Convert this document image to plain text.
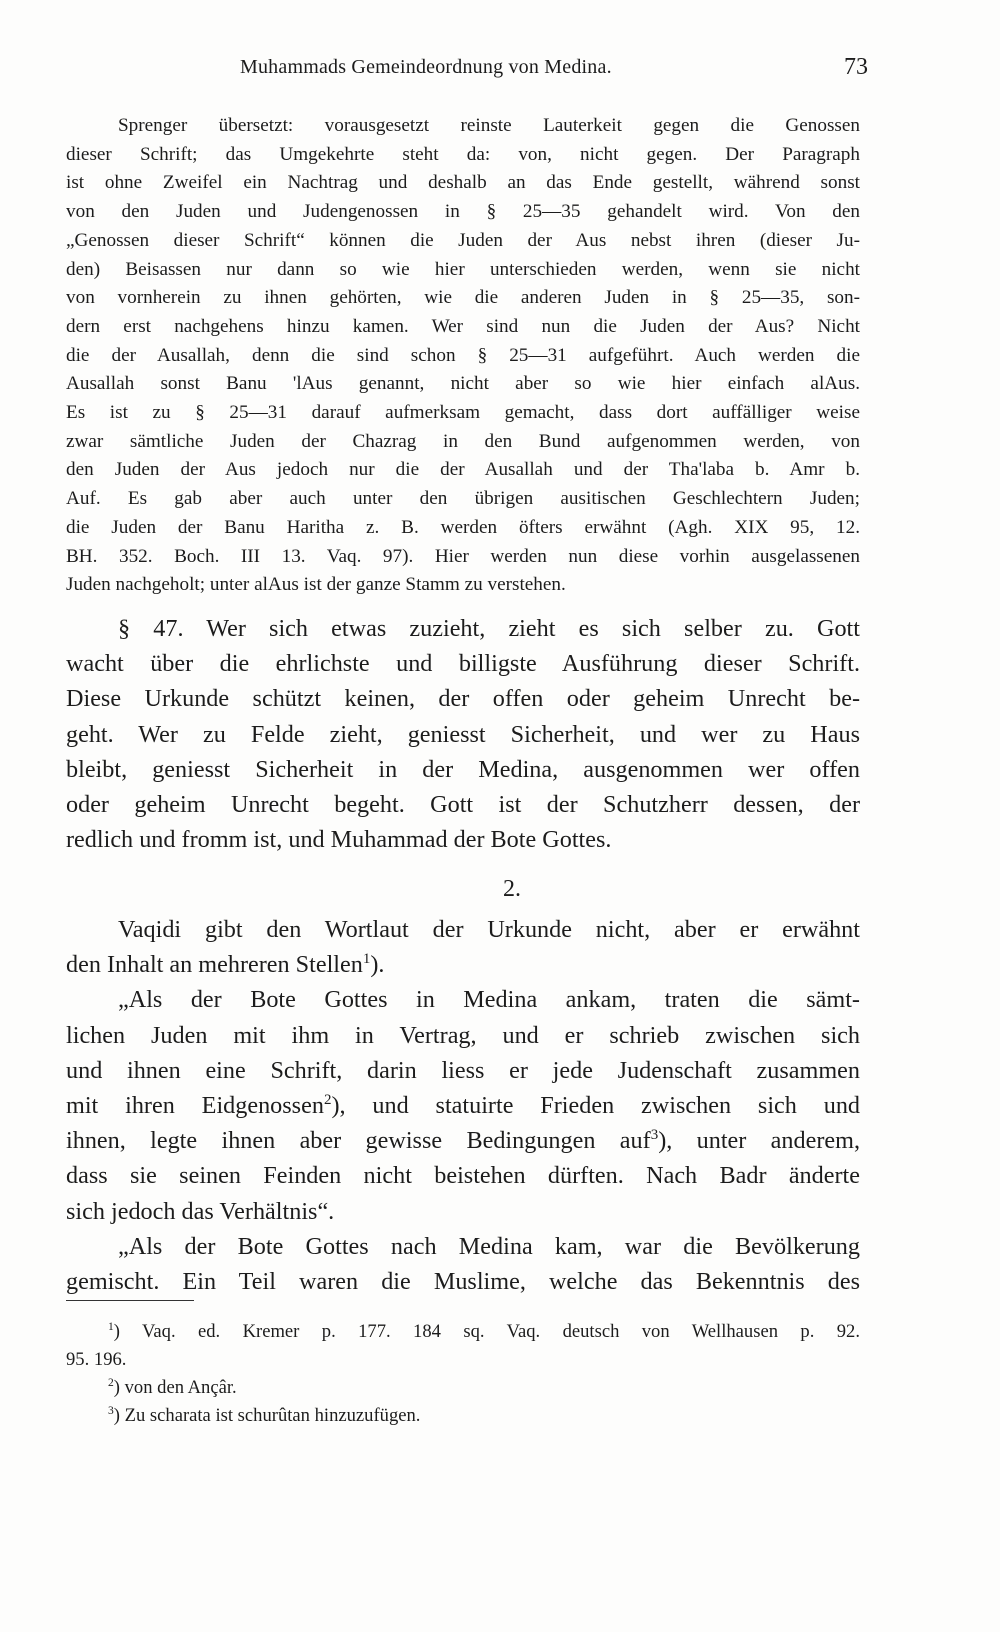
Muhammads Gemeindeordnung von Medina.	73
Sprenger übersetzt: vorausgesetzt reinste Lauterkeit gegen die Genossen
dieser Schrift; das Umgekehrte steht da: von, nicht gegen. Der Paragraph
ist ohne Zweifel ein Nachtrag und deshalb an das Ende gestellt, während sonst
von den Juden und Judengenossen in § 25—35 gehandelt wird. Von den
„Genossen dieser Schrift“ können die Juden der Aus nebst ihren (dieser Ju-
den) Beisassen nur dann so wie hier unterschieden werden, wenn sie nicht
von vornherein zu ihnen gehörten, wie die anderen Juden in § 25—35, son-
dern erst nachgehens hinzu kamen. Wer sind nun die Juden der Aus? Nicht
die der Ausallah, denn die sind schon § 25—31 aufgeführt. Auch werden die
Ausallah sonst Banu 'lAus genannt, nicht aber so wie hier einfach alAus.
Es ist zu § 25—31 darauf aufmerksam gemacht, dass dort auffälliger weise
zwar sämtliche Juden der Chazrag in den Bund aufgenommen werden, von
den Juden der Aus jedoch nur die der Ausallah und der Tha'laba b. Amr b.
Auf. Es gab aber auch unter den übrigen ausitischen Geschlechtern Juden;
die Juden der Banu Haritha z. B. werden öfters erwähnt (Agh. XIX 95, 12.
BH. 352. Boch. III 13. Vaq. 97). Hier werden nun diese vorhin ausgelassenen
Juden nachgeholt; unter alAus ist der ganze Stamm zu verstehen.
§ 47. Wer sich etwas zuzieht, zieht es sich selber zu. Gott
wacht über die ehrlichste und billigste Ausführung dieser Schrift.
Diese Urkunde schützt keinen, der offen oder geheim Unrecht be-
geht. Wer zu Felde zieht, geniesst Sicherheit, und wer zu Haus
bleibt, geniesst Sicherheit in der Medina, ausgenommen wer offen
oder geheim Unrecht begeht. Gott ist der Schutzherr dessen, der
redlich und fromm ist, und Muhammad der Bote Gottes.
2.
Vaqidi gibt den Wortlaut der Urkunde nicht, aber er erwähnt
den Inhalt an mehreren Stellen$^1$).
„Als der Bote Gottes in Medina ankam, traten die sämt-
lichen Juden mit ihm in Vertrag, und er schrieb zwischen sich
und ihnen eine Schrift, darin liess er jede Judenschaft zusammen
mit ihren Eidgenossen$^2$), und statuirte Frieden zwischen sich und
ihnen, legte ihnen aber gewisse Bedingungen auf$^3$), unter anderem,
dass sie seinen Feinden nicht beistehen dürften. Nach Badr änderte
sich jedoch das Verhältnis“.
„Als der Bote Gottes nach Medina kam, war die Bevölkerung
gemischt. Ein Teil waren die Muslime, welche das Bekenntnis des
$^1$) Vaq. ed. Kremer p. 177. 184 sq. Vaq. deutsch von Wellhausen p. 92.
95. 196.
$^2$) von den Ançâr.
$^3$) Zu scharata ist schurûtan hinzuzufügen.
